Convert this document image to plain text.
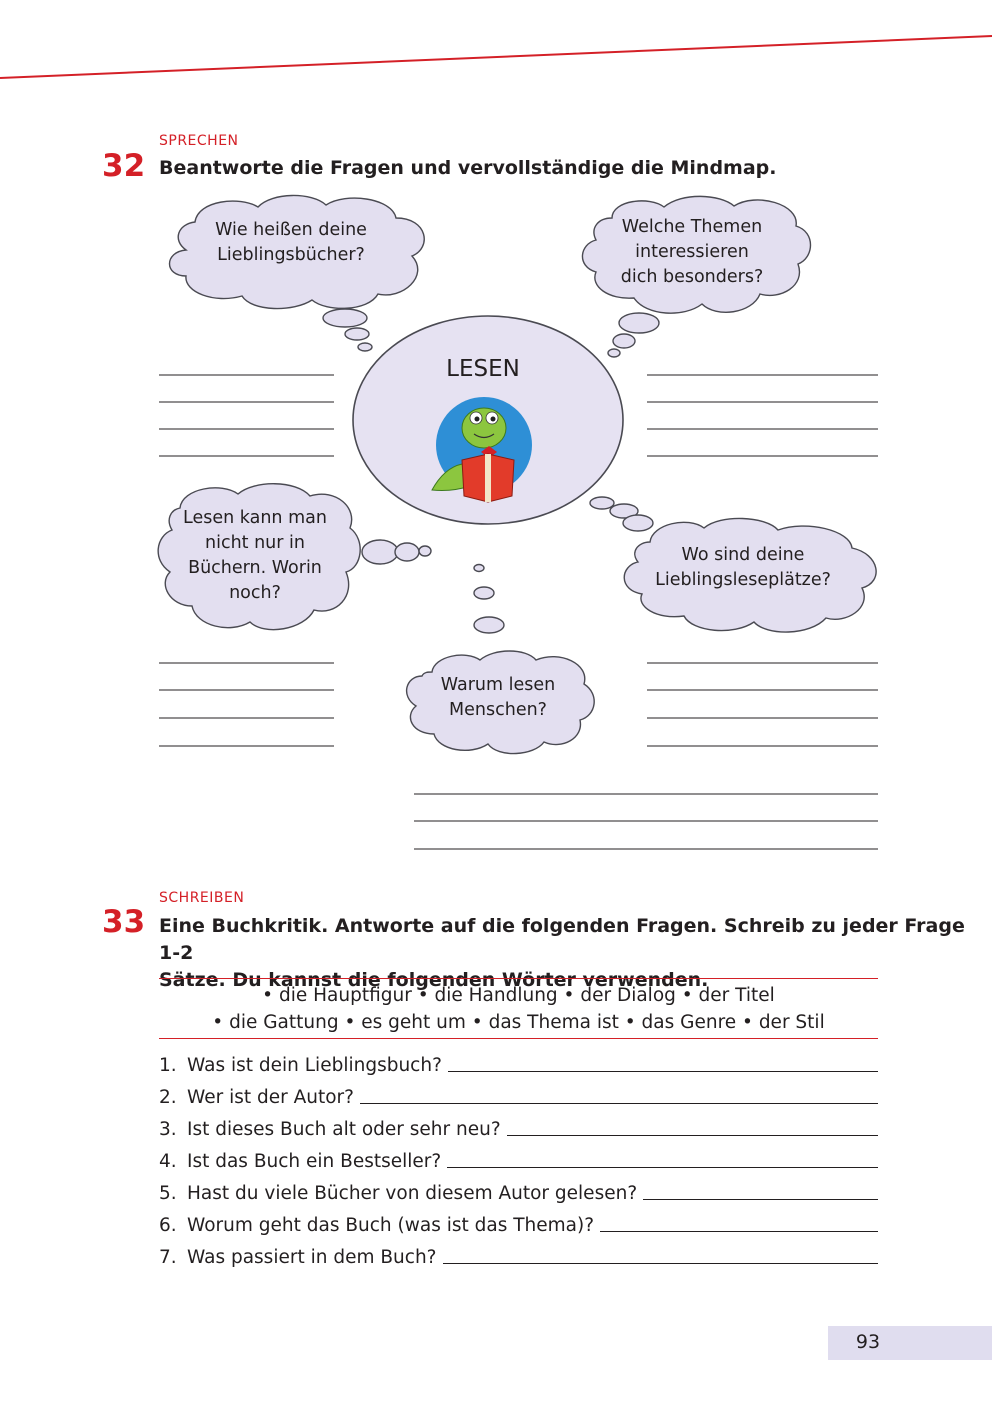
SPRECHEN
32 Beantworte die Fragen und vervollständige die Mindmap.
LESEN
Wie heißen deine
Lieblingsbücher?
Welche Themen
interessieren
dich besonders?
Lesen kann man
nicht nur in
Büchern. Worin
noch?
Wo sind deine
Lieblingsleseplätze?
Warum lesen
Menschen?
SCHREIBEN
33 Eine Buchkritik. Antworte auf die folgenden Fragen. Schreib zu jeder Frage 1-2
Sätze. Du kannst die folgenden Wörter verwenden.
• die Hauptfigur • die Handlung • der Dialog • der Titel
• die Gattung • es geht um • das Thema ist • das Genre • der Stil
1. Was ist dein Lieblingsbuch?
2. Wer ist der Autor?
3. Ist dieses Buch alt oder sehr neu?
4. Ist das Buch ein Bestseller?
5. Hast du viele Bücher von diesem Autor gelesen?
6. Worum geht das Buch (was ist das Thema)?
7. Was passiert in dem Buch?
93
